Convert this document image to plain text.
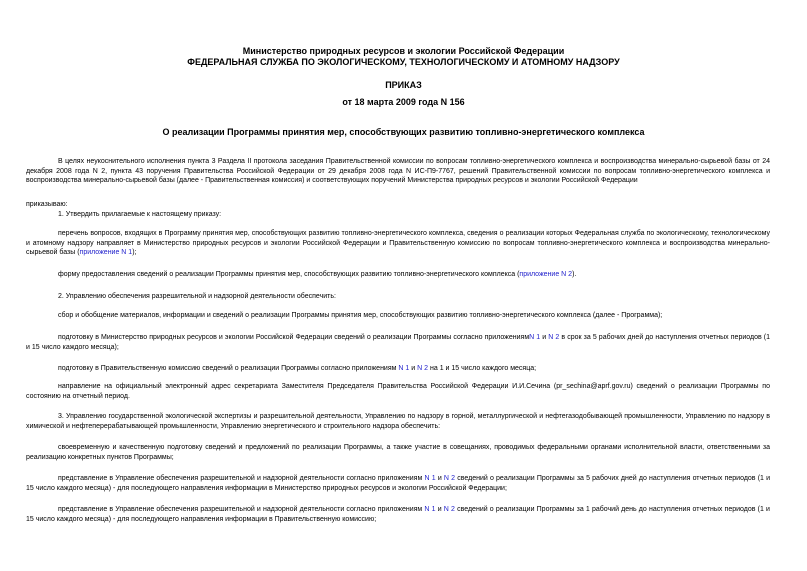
Министерство природных ресурсов и экологии Российской Федерации
ФЕДЕРАЛЬНАЯ СЛУЖБА ПО ЭКОЛОГИЧЕСКОМУ, ТЕХНОЛОГИЧЕСКОМУ И АТОМНОМУ НАДЗОРУ
ПРИКАЗ
от 18 марта 2009 года N 156
О реализации Программы принятия мер, способствующих развитию топливно-энергетического комплекса
В целях неукоснительного исполнения пункта 3 Раздела II протокола заседания Правительственной комиссии по вопросам топливно-энергетического комплекса и воспроизводства минерально-сырьевой базы от 24 декабря 2008 года N 2, пункта 43 поручения Правительства Российской Федерации от 29 декабря 2008 года N ИС-П9-7767, решений Правительственной комиссии по вопросам топливно-энергетического комплекса и воспроизводства минерально-сырьевой базы (далее - Правительственная комиссия) и соответствующих поручений Министерства природных ресурсов и экологии Российской Федерации
приказываю:
1. Утвердить прилагаемые к настоящему приказу:
перечень вопросов, входящих в Программу принятия мер, способствующих развитию топливно-энергетического комплекса, сведения о реализации которых Федеральная служба по экологическому, технологическому и атомному надзору направляет в Министерство природных ресурсов и экологии Российской Федерации и Правительственную комиссию по вопросам топливно-энергетического комплекса и воспроизводства минерально-сырьевой базы (приложение N 1);
форму предоставления сведений о реализации Программы принятия мер, способствующих развитию топливно-энергетического комплекса (приложение N 2).
2. Управлению обеспечения разрешительной и надзорной деятельности обеспечить:
сбор и обобщение материалов, информации и сведений о реализации Программы принятия мер, способствующих развитию топливно-энергетического комплекса (далее - Программа);
подготовку в Министерство природных ресурсов и экологии Российской Федерации сведений о реализации Программы согласно приложениямN 1 и N 2 в срок за 5 рабочих дней до наступления отчетных периодов (1 и 15 число каждого месяца);
подготовку в Правительственную комиссию сведений о реализации Программы согласно приложениям N 1 и N 2 на 1 и 15 число каждого месяца;
направление на официальный электронный адрес секретариата Заместителя Председателя Правительства Российской Федерации И.И.Сечина (pr_sechina@aprf.gov.ru) сведений о реализации Программы по состоянию на отчетный период.
3. Управлению государственной экологической экспертизы и разрешительной деятельности, Управлению по надзору в горной, металлургической и нефтегазодобывающей промышленности, Управлению по надзору в химической и нефтеперерабатывающей промышленности, Управлению энергетического и строительного надзора обеспечить:
своевременную и качественную подготовку сведений и предложений по реализации Программы, а также участие в совещаниях, проводимых федеральными органами исполнительной власти, ответственными за реализацию конкретных пунктов Программы;
представление в Управление обеспечения разрешительной и надзорной деятельности согласно приложениям N 1 и N 2 сведений о реализации Программы за 5 рабочих дней до наступления отчетных периодов (1 и 15 число каждого месяца) - для последующего направления информации в Министерство природных ресурсов и экологии Российской Федерации;
представление в Управление обеспечения разрешительной и надзорной деятельности согласно приложениям N 1 и N 2 сведений о реализации Программы за 1 рабочий день до наступления отчетных периодов (1 и 15 число каждого месяца) - для последующего направления информации в Правительственную комиссию;
